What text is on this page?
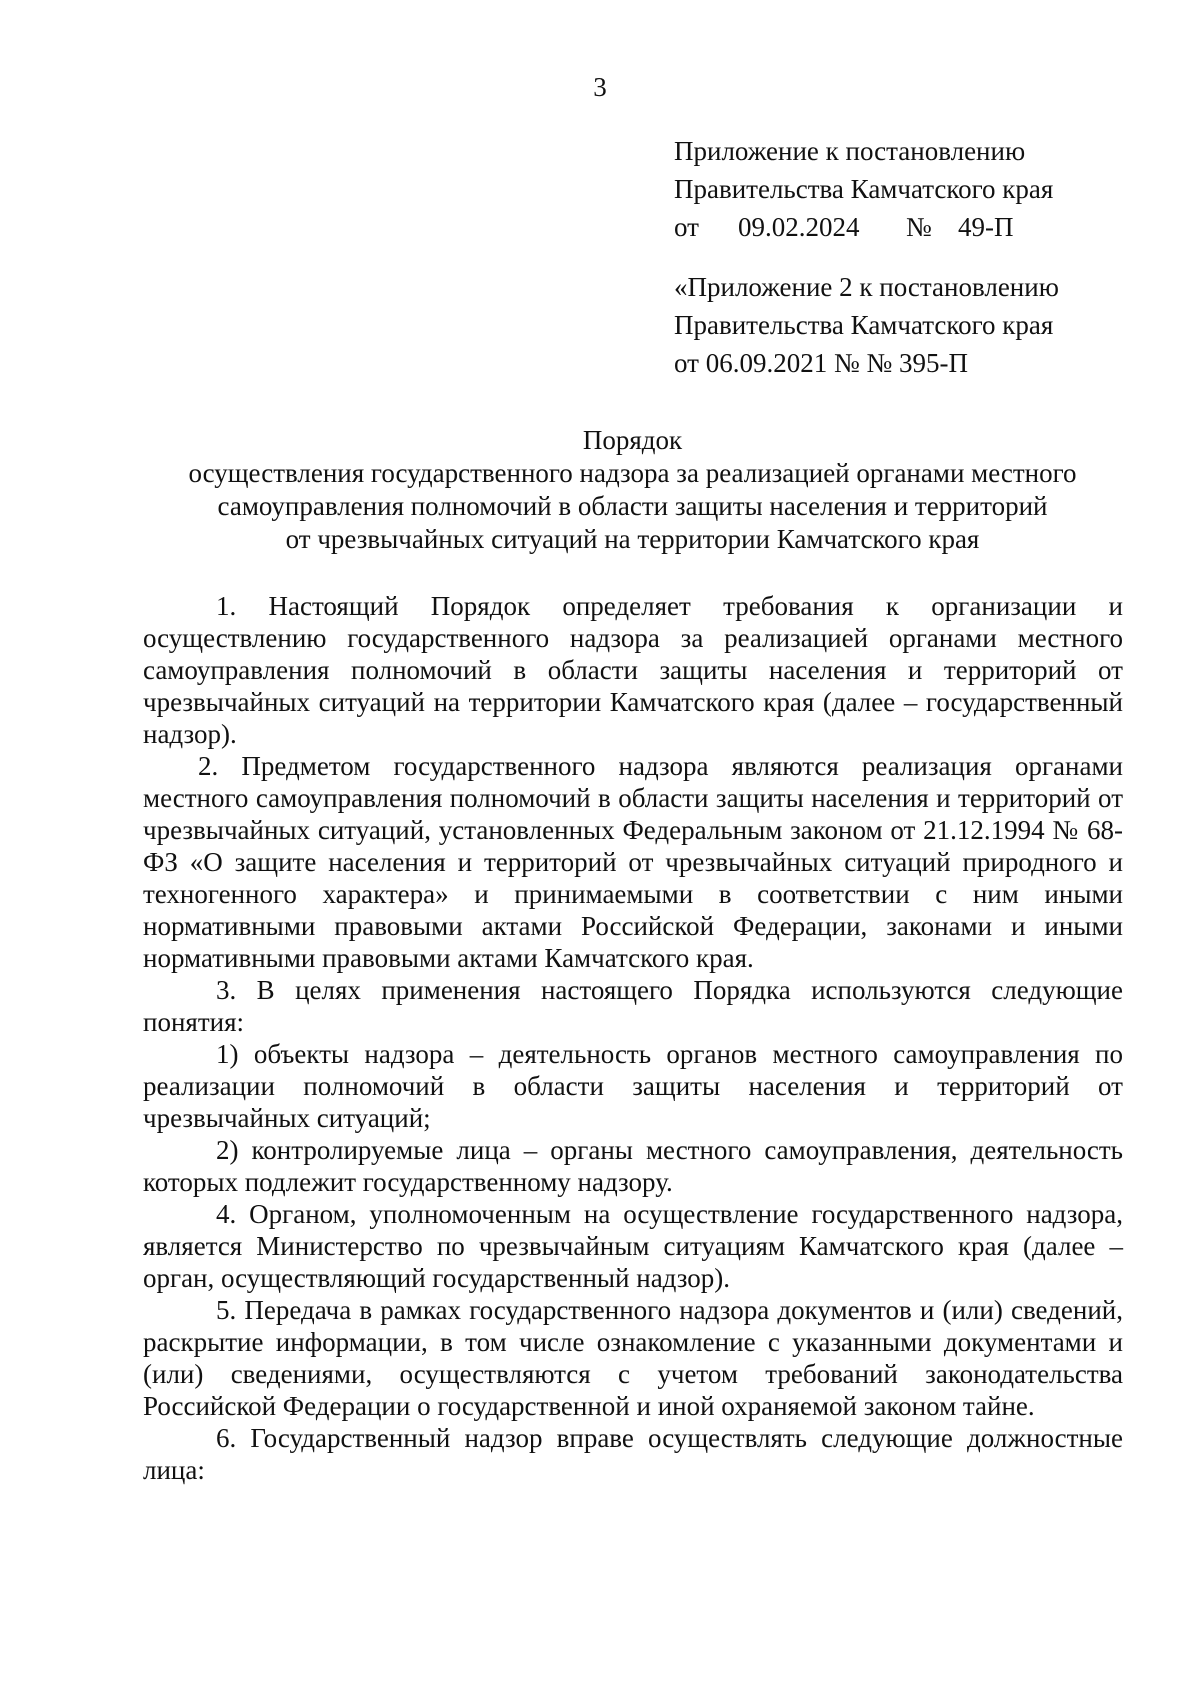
3
Приложение к постановлению
Правительства Камчатского края
от 09.02.2024 № 49-П
«Приложение 2 к постановлению
Правительства Камчатского края
от 06.09.2021 № № 395-П
Порядок
осуществления государственного надзора за реализацией органами местного
самоуправления полномочий в области защиты населения и территорий
от чрезвычайных ситуаций на территории Камчатского края

1. Настоящий Порядок определяет требования к организации и осуществлению государственного надзора за реализацией органами местного самоуправления полномочий в области защиты населения и территорий от чрезвычайных ситуаций на территории Камчатского края (далее – государственный надзор).

2. Предметом государственного надзора являются реализация органами местного самоуправления полномочий в области защиты населения и территорий от чрезвычайных ситуаций, установленных Федеральным законом от 21.12.1994 № 68-ФЗ «О защите населения и территорий от чрезвычайных ситуаций природного и техногенного характера» и принимаемыми в соответствии с ним иными нормативными правовыми актами Российской Федерации, законами и иными нормативными правовыми актами Камчатского края.

3. В целях применения настоящего Порядка используются следующие понятия:

1) объекты надзора – деятельность органов местного самоуправления по реализации полномочий в области защиты населения и территорий от чрезвычайных ситуаций;

2) контролируемые лица – органы местного самоуправления, деятельность которых подлежит государственному надзору.

4. Органом, уполномоченным на осуществление государственного надзора, является Министерство по чрезвычайным ситуациям Камчатского края (далее – орган, осуществляющий государственный надзор).

5. Передача в рамках государственного надзора документов и (или) сведений, раскрытие информации, в том числе ознакомление с указанными документами и (или) сведениями, осуществляются с учетом требований законодательства Российской Федерации о государственной и иной охраняемой законом тайне.

6. Государственный надзор вправе осуществлять следующие должностные лица:
